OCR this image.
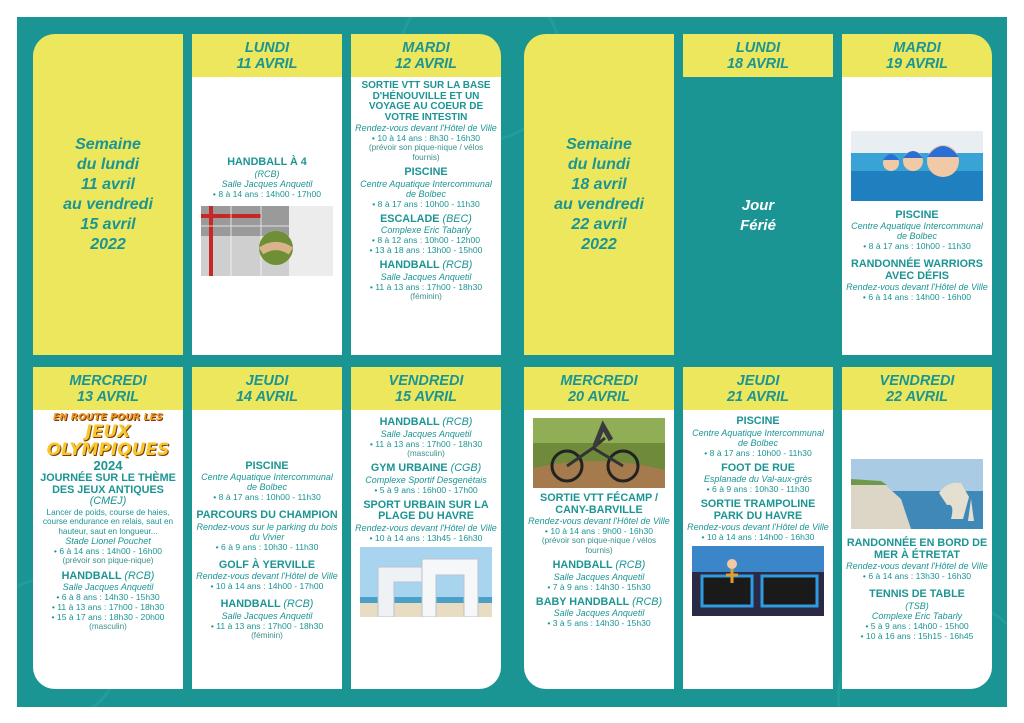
Semaine
du lundi
11 avril
au vendredi
15 avril
2022
LUNDI
11 AVRIL
HANDBALL À 4
(RCB)
Salle Jacques Anquetil
• 8 à 14 ans : 14h00 - 17h00
MARDI
12 AVRIL
SORTIE VTT SUR LA BASE D'HÉNOUVILLE ET UN VOYAGE AU COEUR DE VOTRE INTESTIN
Rendez-vous devant l'Hôtel de Ville
• 10 à 14 ans : 8h30 - 16h30
(prévoir son pique-nique / vélos fournis)
PISCINE
Centre Aquatique Intercommunal de Bolbec
• 8 à 17 ans : 10h00 - 11h30
ESCALADE (BEC)
Complexe Eric Tabarly
• 8 à 12 ans : 10h00 - 12h00
• 13 à 18 ans : 13h00 - 15h00
HANDBALL (RCB)
Salle Jacques Anquetil
• 11 à 13 ans : 17h00 - 18h30
(féminin)
Semaine
du lundi
18 avril
au vendredi
22 avril
2022
LUNDI
18 AVRIL
Jour
Férié
MARDI
19 AVRIL
PISCINE
Centre Aquatique Intercommunal de Bolbec
• 8 à 17 ans : 10h00 - 11h30
RANDONNÉE WARRIORS AVEC DÉFIS
Rendez-vous devant l'Hôtel de Ville
• 6 à 14 ans : 14h00 - 16h00
MERCREDI
13 AVRIL
EN ROUTE POUR LES
JEUX
OLYMPIQUES
2024
JOURNÉE SUR LE THÈME DES JEUX ANTIQUES (CMEJ)
Lancer de poids, course de haies, course endurance en relais, saut en hauteur, saut en longueur...
Stade Lionel Pouchet
• 6 à 14 ans : 14h00 - 16h00
(prévoir son pique-nique)
HANDBALL (RCB)
Salle Jacques Anquetil
• 6 à 8 ans : 14h30 - 15h30
• 11 à 13 ans : 17h00 - 18h30
• 15 à 17 ans : 18h30 - 20h00
(masculin)
JEUDI
14 AVRIL
PISCINE
Centre Aquatique Intercommunal de Bolbec
• 8 à 17 ans : 10h00 - 11h30
PARCOURS DU CHAMPION
Rendez-vous sur le parking du bois du Vivier
• 6 à 9 ans : 10h30 - 11h30
GOLF À YERVILLE
Rendez-vous devant l'Hôtel de Ville
• 10 à 14 ans : 14h00 - 17h00
HANDBALL (RCB)
Salle Jacques Anquetil
• 11 à 13 ans : 17h00 - 18h30
(féminin)
VENDREDI
15 AVRIL
HANDBALL (RCB)
Salle Jacques Anquetil
• 11 à 13 ans : 17h00 - 18h30
(masculin)
GYM URBAINE (CGB)
Complexe Sportif Desgenétais
• 5 à 9 ans : 16h00 - 17h00
SPORT URBAIN SUR LA PLAGE DU HAVRE
Rendez-vous devant l'Hôtel de Ville
• 10 à 14 ans : 13h45 - 16h30
MERCREDI
20 AVRIL
SORTIE VTT FÉCAMP / CANY-BARVILLE
Rendez-vous devant l'Hôtel de Ville
• 10 à 14 ans : 9h00 - 16h30
(prévoir son pique-nique / vélos fournis)
HANDBALL (RCB)
Salle Jacques Anquetil
• 7 à 9 ans : 14h30 - 15h30
BABY HANDBALL (RCB)
Salle Jacques Anquetil
• 3 à 5 ans : 14h30 - 15h30
JEUDI
21 AVRIL
PISCINE
Centre Aquatique Intercommunal de Bolbec
• 8 à 17 ans : 10h00 - 11h30
FOOT DE RUE
Esplanade du Val-aux-grès
• 6 à 9 ans : 10h30 - 11h30
SORTIE TRAMPOLINE PARK DU HAVRE
Rendez-vous devant l'Hôtel de Ville
• 10 à 14 ans : 14h00 - 16h30
VENDREDI
22 AVRIL
RANDONNÉE EN BORD DE MER À ÉTRETAT
Rendez-vous devant l'Hôtel de Ville
• 6 à 14 ans : 13h30 - 16h30
TENNIS DE TABLE
(TSB)
Complexe Eric Tabarly
• 5 à 9 ans : 14h00 - 15h00
• 10 à 16 ans : 15h15 - 16h45
